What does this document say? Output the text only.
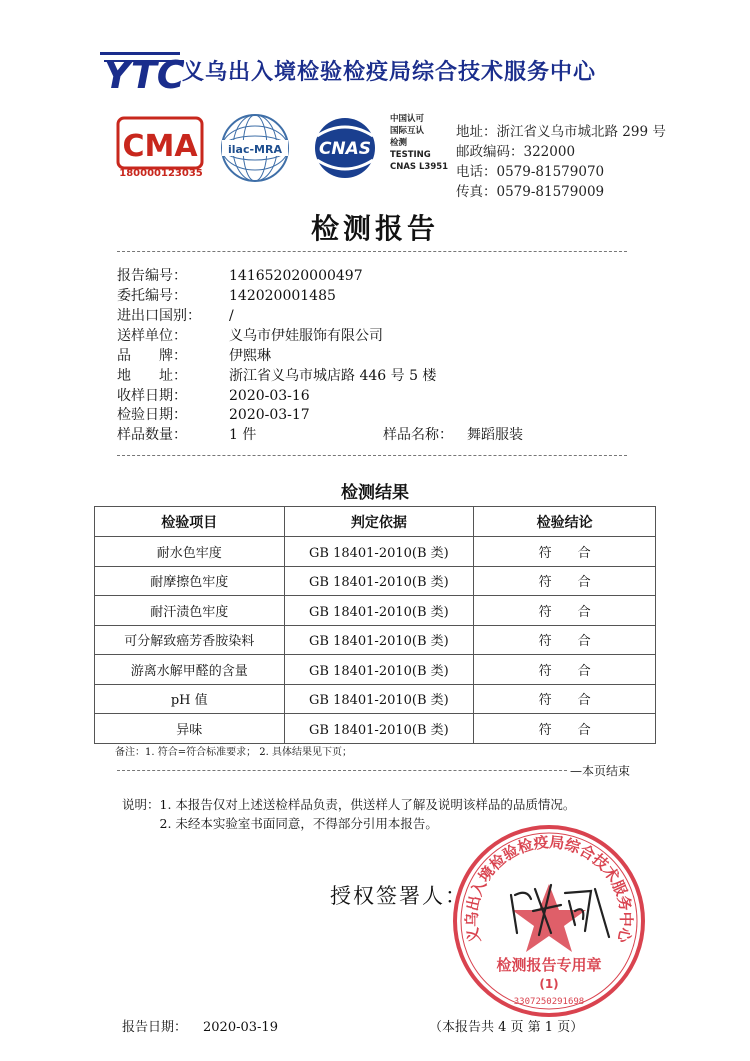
YTC
义乌出入境检验检疫局综合技术服务中心
CMA
180000123035
ilac-MRA CNAS
中国认可
国际互认
检测
TESTING
CNAS L3951
地址：浙江省义乌市城北路 299 号
邮政编码：322000
电话：0579-81579070
传真：0579-81579009
检测报告
报告编号：	141652020000497
委托编号：	142020001485
进出口国别：	/
送样单位：	义乌市伊娃服饰有限公司
品　　牌：	伊熙琳
地　　址：	浙江省义乌市城店路 446 号 5 楼
收样日期：	2020-03-16
检验日期：	2020-03-17
样品数量：	1 件	样品名称： 舞蹈服装
检测结果
检验项目	判定依据	检验结论
耐水色牢度	GB 18401-2010(B 类)	符　　合
耐摩擦色牢度	GB 18401-2010(B 类)	符　　合
耐汗渍色牢度	GB 18401-2010(B 类)	符　　合
可分解致癌芳香胺染料	GB 18401-2010(B 类)	符　　合
游离水解甲醛的含量	GB 18401-2010(B 类)	符　　合
pH 值	GB 18401-2010(B 类)	符　　合
异味	GB 18401-2010(B 类)	符　　合
备注：1. 符合=符合标准要求； 2. 具体结果见下页；
—本页结束
说明：1. 本报告仅对上述送检样品负责，供送样人了解及说明该样品的品质情况。
　　　2. 未经本实验室书面同意，不得部分引用本报告。
授权签署人：
义乌出入境检验检疫局综合技术服务中心
检测报告专用章
(1)
3307250291698
报告日期： 2020-03-19	（本报告共 4 页 第 1 页）
